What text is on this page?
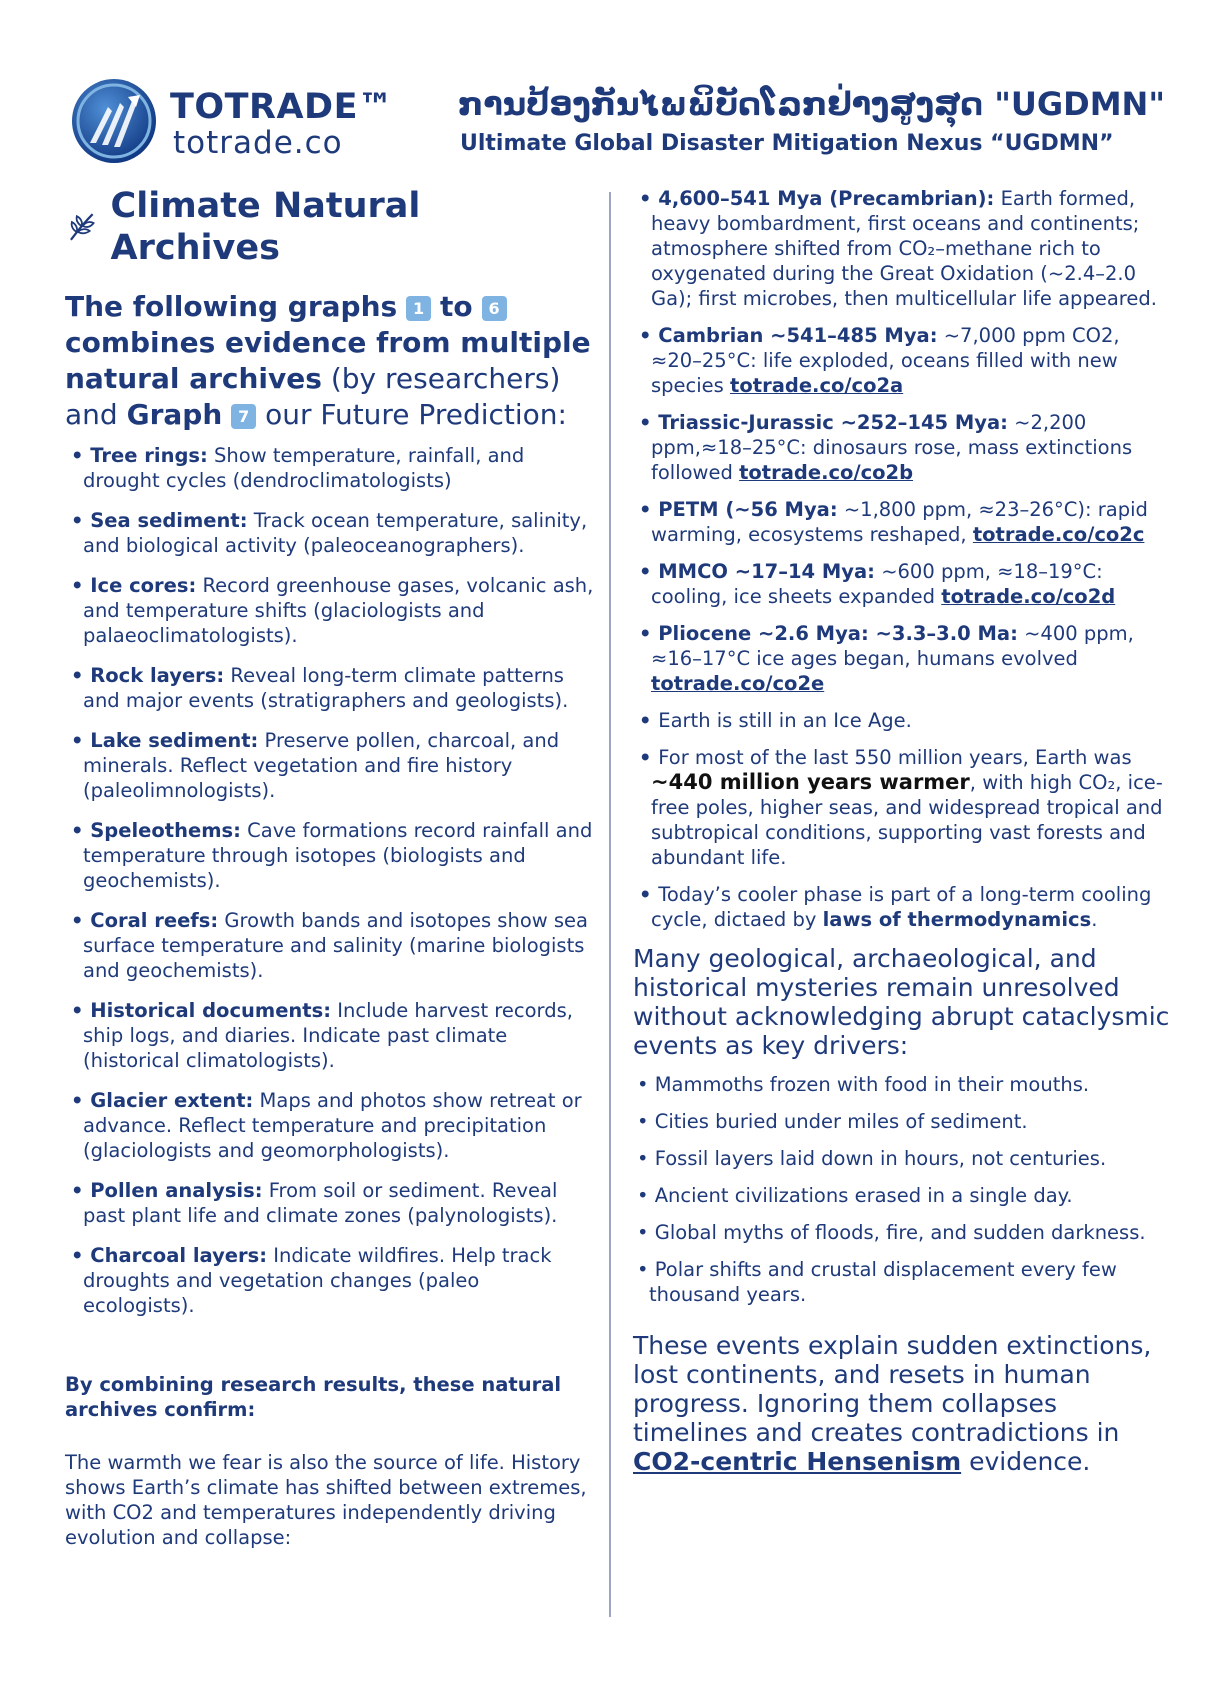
TOTRADE™
totrade.co
ການປ້ອງກັນໄພພິບັດໂລກຢ່າງສູງສຸດ "UGDMN"
Ultimate Global Disaster Mitigation Nexus “UGDMN”
Climate Natural Archives
The following graphs 1 to 6 combines evidence from multiple natural archives (by researchers)
and Graph 7 our Future Prediction:
• Tree rings: Show temperature, rainfall, and drought cycles (dendroclimatologists)
• Sea sediment: Track ocean temperature, salinity, and biological activity (paleoceanographers).
• Ice cores: Record greenhouse gases, volcanic ash, and temperature shifts (glaciologists and palaeoclimatologists).
• Rock layers: Reveal long-term climate patterns and major events (stratigraphers and geologists).
• Lake sediment: Preserve pollen, charcoal, and minerals. Reflect vegetation and fire history (paleolimnologists).
• Speleothems: Cave formations record rainfall and temperature through isotopes (biologists and geochemists).
• Coral reefs: Growth bands and isotopes show sea surface temperature and salinity (marine biologists and geochemists).
• Historical documents: Include harvest records, ship logs, and diaries. Indicate past climate (historical climatologists).
• Glacier extent: Maps and photos show retreat or advance. Reflect temperature and precipitation (glaciologists and geomorphologists).
• Pollen analysis: From soil or sediment. Reveal past plant life and climate zones (palynologists).
• Charcoal layers: Indicate wildfires. Help track droughts and vegetation changes (paleo ecologists).
By combining research results, these natural archives confirm:
The warmth we fear is also the source of life. History shows Earth’s climate has shifted between extremes, with CO2 and temperatures independently driving evolution and collapse:
• 4,600–541 Mya (Precambrian): Earth formed, heavy bombardment, first oceans and continents; atmosphere shifted from CO₂–methane rich to oxygenated during the Great Oxidation (~2.4–2.0 Ga); first microbes, then multicellular life appeared.
• Cambrian ~541–485 Mya: ~7,000 ppm CO2, ≈20–25°C: life exploded, oceans filled with new species totrade.co/co2a
• Triassic-Jurassic ~252–145 Mya: ~2,200 ppm,≈18–25°C: dinosaurs rose, mass extinctions followed totrade.co/co2b
• PETM (~56 Mya: ~1,800 ppm, ≈23–26°C): rapid warming, ecosystems reshaped, totrade.co/co2c
• MMCO ~17–14 Mya: ~600 ppm, ≈18–19°C: cooling, ice sheets expanded totrade.co/co2d
• Pliocene ~2.6 Mya: ~3.3–3.0 Ma: ~400 ppm, ≈16–17°C ice ages began, humans evolved totrade.co/co2e
• Earth is still in an Ice Age.
• For most of the last 550 million years, Earth was ~440 million years warmer, with high CO₂, ice-free poles, higher seas, and widespread tropical and subtropical conditions, supporting vast forests and abundant life.
• Today’s cooler phase is part of a long-term cooling cycle, dictaed by laws of thermodynamics.
Many geological, archaeological, and historical mysteries remain unresolved without acknowledging abrupt cataclysmic events as key drivers:
• Mammoths frozen with food in their mouths.
• Cities buried under miles of sediment.
• Fossil layers laid down in hours, not centuries.
• Ancient civilizations erased in a single day.
• Global myths of floods, fire, and sudden darkness.
• Polar shifts and crustal displacement every few thousand years.
These events explain sudden extinctions, lost continents, and resets in human progress. Ignoring them collapses timelines and creates contradictions in CO2-centric Hensenism evidence.
